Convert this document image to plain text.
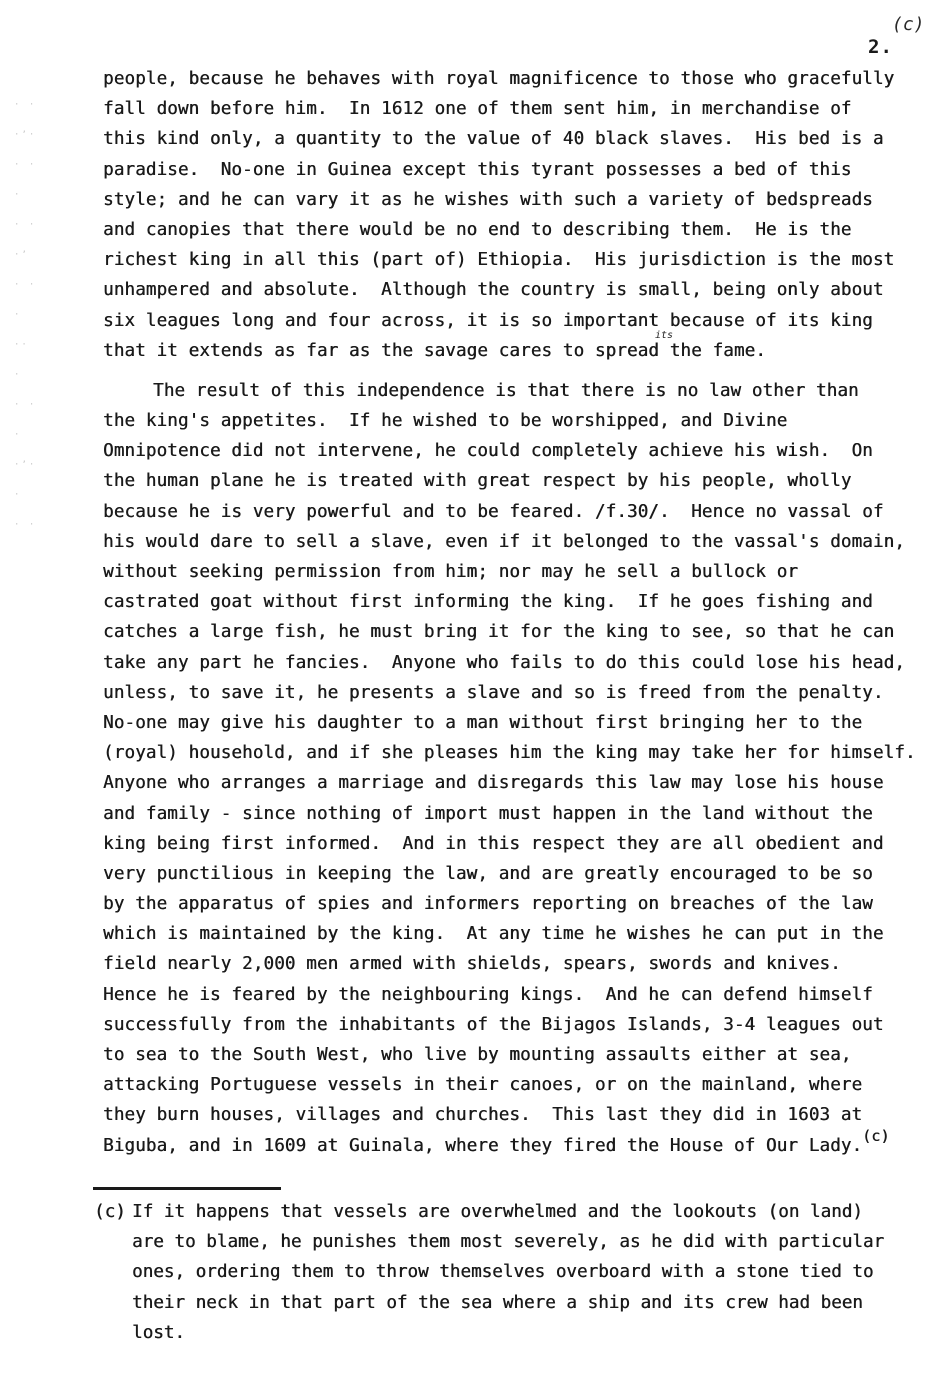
(c)
2.
· ·
·ʼ·
· ·
·
· ·
·ʼ
· ·
·
··
·
· ·
·
·ʼ·
·
· ·
people, because he behaves with royal magnificence to those who gracefully
fall down before him.  In 1612 one of them sent him, in merchandise of
this kind only, a quantity to the value of 40 black slaves.  His bed is a
paradise.  No-one in Guinea except this tyrant possesses a bed of this
style; and he can vary it as he wishes with such a variety of bedspreads
and canopies that there would be no end to describing them.  He is the
richest king in all this (part of) Ethiopia.  His jurisdiction is the most
unhampered and absolute.  Although the country is small, being only about
six leagues long and four across, it is so important because of its king
that it extends as far as the savage cares to spread the fame.
The result of this independence is that there is no law other than
the king's appetites.  If he wished to be worshipped, and Divine
Omnipotence did not intervene, he could completely achieve his wish.  On
the human plane he is treated with great respect by his people, wholly
because he is very powerful and to be feared. /f.30/.  Hence no vassal of
his would dare to sell a slave, even if it belonged to the vassal's domain,
without seeking permission from him; nor may he sell a bullock or
castrated goat without first informing the king.  If he goes fishing and
catches a large fish, he must bring it for the king to see, so that he can
take any part he fancies.  Anyone who fails to do this could lose his head,
unless, to save it, he presents a slave and so is freed from the penalty.
No-one may give his daughter to a man without first bringing her to the
(royal) household, and if she pleases him the king may take her for himself.
Anyone who arranges a marriage and disregards this law may lose his house
and family - since nothing of import must happen in the land without the
king being first informed.  And in this respect they are all obedient and
very punctilious in keeping the law, and are greatly encouraged to be so
by the apparatus of spies and informers reporting on breaches of the law
which is maintained by the king.  At any time he wishes he can put in the
field nearly 2,000 men armed with shields, spears, swords and knives.
Hence he is feared by the neighbouring kings.  And he can defend himself
successfully from the inhabitants of the Bijagos Islands, 3-4 leagues out
to sea to the South West, who live by mounting assaults either at sea,
attacking Portuguese vessels in their canoes, or on the mainland, where
they burn houses, villages and churches.  This last they did in 1603 at
Biguba, and in 1609 at Guinala, where they fired the House of Our Lady.(c)
its
(c) If it happens that vessels are overwhelmed and the lookouts (on land)
are to blame, he punishes them most severely, as he did with particular
ones, ordering them to throw themselves overboard with a stone tied to
their neck in that part of the sea where a ship and its crew had been
lost.
